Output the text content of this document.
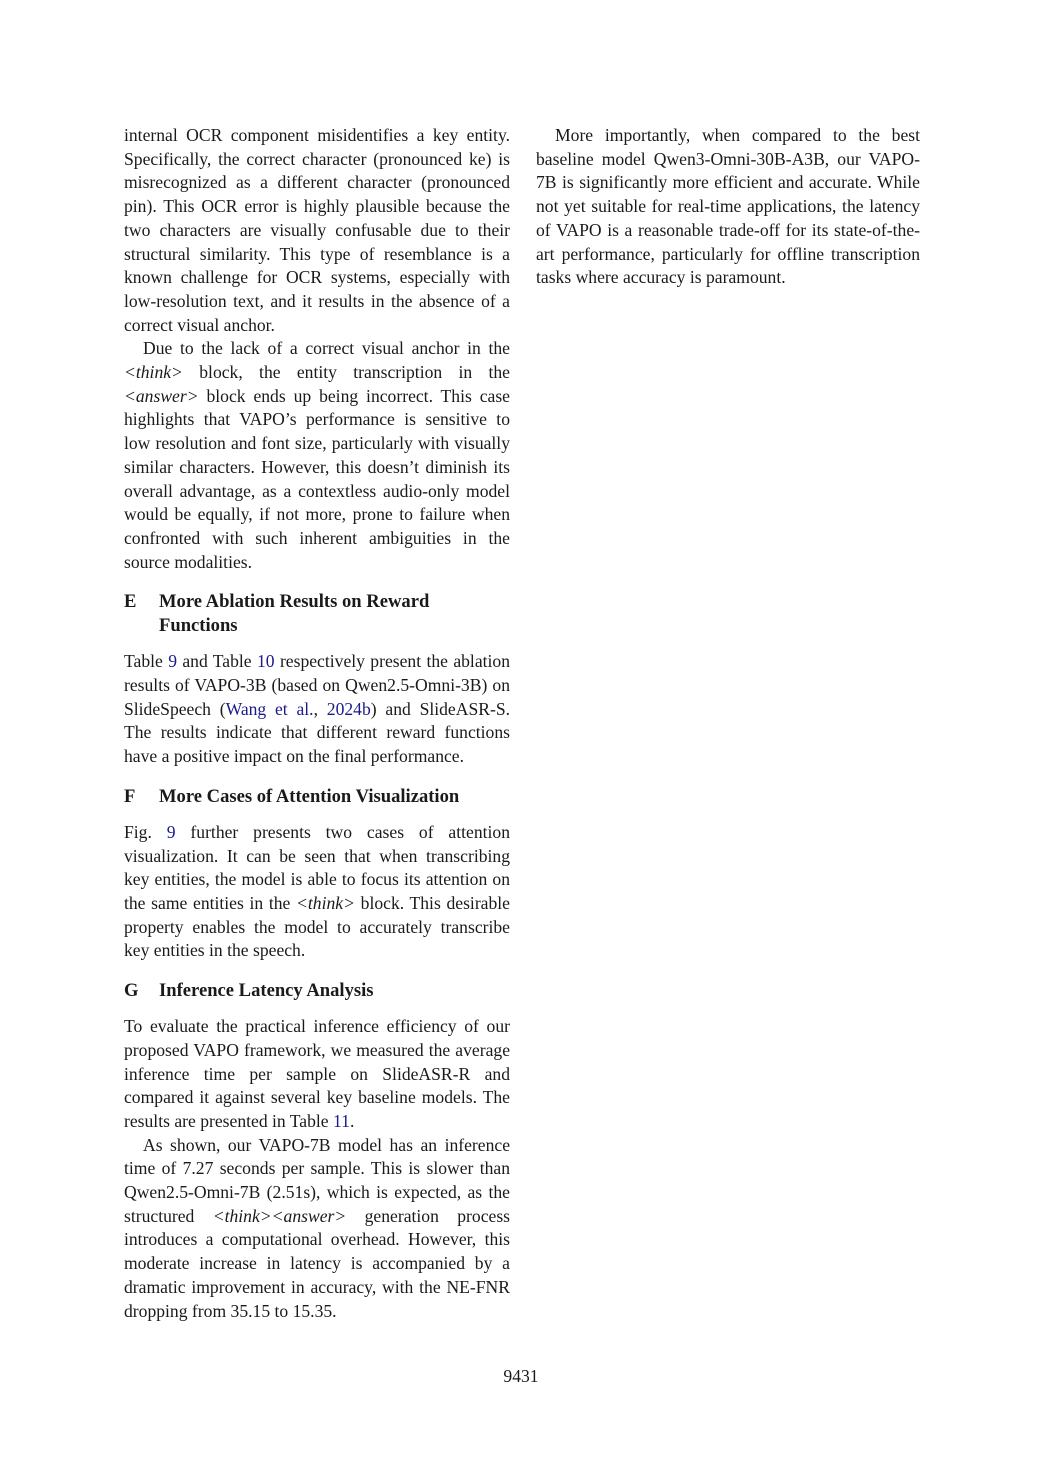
internal OCR component misidentifies a key entity. Specifically, the correct character (pronounced ke) is misrecognized as a different character (pronounced pin). This OCR error is highly plausible because the two characters are visually confusable due to their structural similarity. This type of resemblance is a known challenge for OCR systems, especially with low-resolution text, and it results in the absence of a correct visual anchor.

Due to the lack of a correct visual anchor in the <think> block, the entity transcription in the <answer> block ends up being incorrect. This case highlights that VAPO’s performance is sensitive to low resolution and font size, particularly with visually similar characters. However, this doesn’t diminish its overall advantage, as a contextless audio-only model would be equally, if not more, prone to failure when confronted with such inherent ambiguities in the source modalities.

E	More Ablation Results on Reward Functions

Table 9 and Table 10 respectively present the ablation results of VAPO-3B (based on Qwen2.5-Omni-3B) on SlideSpeech (Wang et al., 2024b) and SlideASR-S. The results indicate that different reward functions have a positive impact on the final performance.

F	More Cases of Attention Visualization

Fig. 9 further presents two cases of attention visualization. It can be seen that when transcribing key entities, the model is able to focus its attention on the same entities in the <think> block. This desirable property enables the model to accurately transcribe key entities in the speech.

G	Inference Latency Analysis

To evaluate the practical inference efficiency of our proposed VAPO framework, we measured the average inference time per sample on SlideASR-R and compared it against several key baseline models. The results are presented in Table 11.

As shown, our VAPO-7B model has an inference time of 7.27 seconds per sample. This is slower than Qwen2.5-Omni-7B (2.51s), which is expected, as the structured <think><answer> generation process introduces a computational overhead. However, this moderate increase in latency is accompanied by a dramatic improvement in accuracy, with the NE-FNR dropping from 35.15 to 15.35.

More importantly, when compared to the best baseline model Qwen3-Omni-30B-A3B, our VAPO-7B is significantly more efficient and accurate. While not yet suitable for real-time applications, the latency of VAPO is a reasonable trade-off for its state-of-the-art performance, particularly for offline transcription tasks where accuracy is paramount.

9431
